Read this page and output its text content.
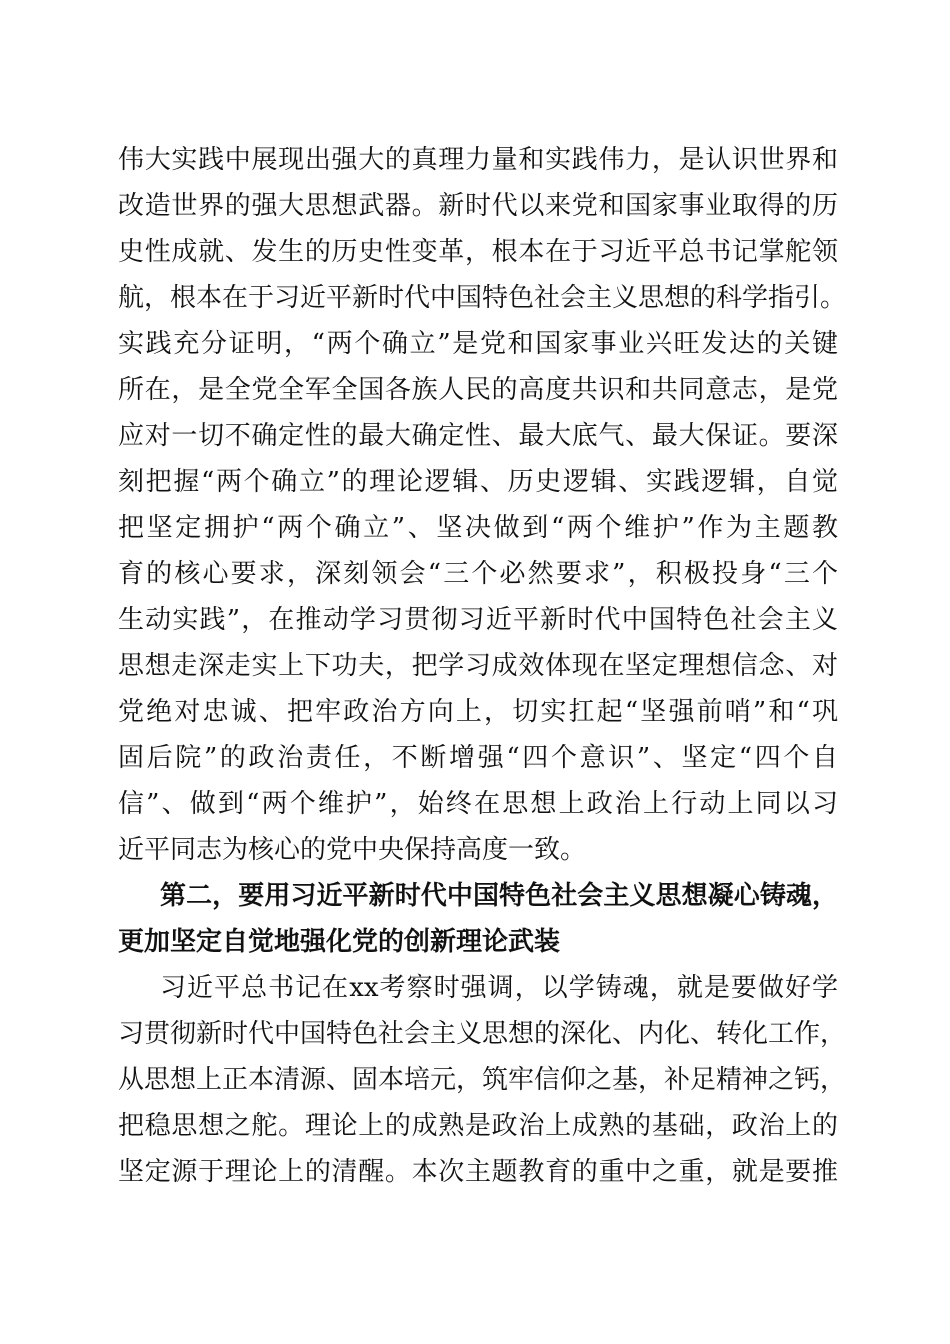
伟大实践中展现出强大的真理力量和实践伟力，是认识世界和
改造世界的强大思想武器。新时代以来党和国家事业取得的历
史性成就、发生的历史性变革，根本在于习近平总书记掌舵领
航，根本在于习近平新时代中国特色社会主义思想的科学指引。
实践充分证明，“两个确立”是党和国家事业兴旺发达的关键
所在，是全党全军全国各族人民的高度共识和共同意志，是党
应对一切不确定性的最大确定性、最大底气、最大保证。要深
刻把握“两个确立”的理论逻辑、历史逻辑、实践逻辑，自觉
把坚定拥护“两个确立”、坚决做到“两个维护”作为主题教
育的核心要求，深刻领会“三个必然要求”，积极投身“三个
生动实践”，在推动学习贯彻习近平新时代中国特色社会主义
思想走深走实上下功夫，把学习成效体现在坚定理想信念、对
党绝对忠诚、把牢政治方向上，切实扛起“坚强前哨”和“巩
固后院”的政治责任，不断增强“四个意识”、坚定“四个自
信”、做到“两个维护”，始终在思想上政治上行动上同以习
近平同志为核心的党中央保持高度一致。
第二，要用习近平新时代中国特色社会主义思想凝心铸魂，
更加坚定自觉地强化党的创新理论武装
习近平总书记在xx考察时强调，以学铸魂，就是要做好学
习贯彻新时代中国特色社会主义思想的深化、内化、转化工作，
从思想上正本清源、固本培元，筑牢信仰之基，补足精神之钙，
把稳思想之舵。理论上的成熟是政治上成熟的基础，政治上的
坚定源于理论上的清醒。本次主题教育的重中之重，就是要推
